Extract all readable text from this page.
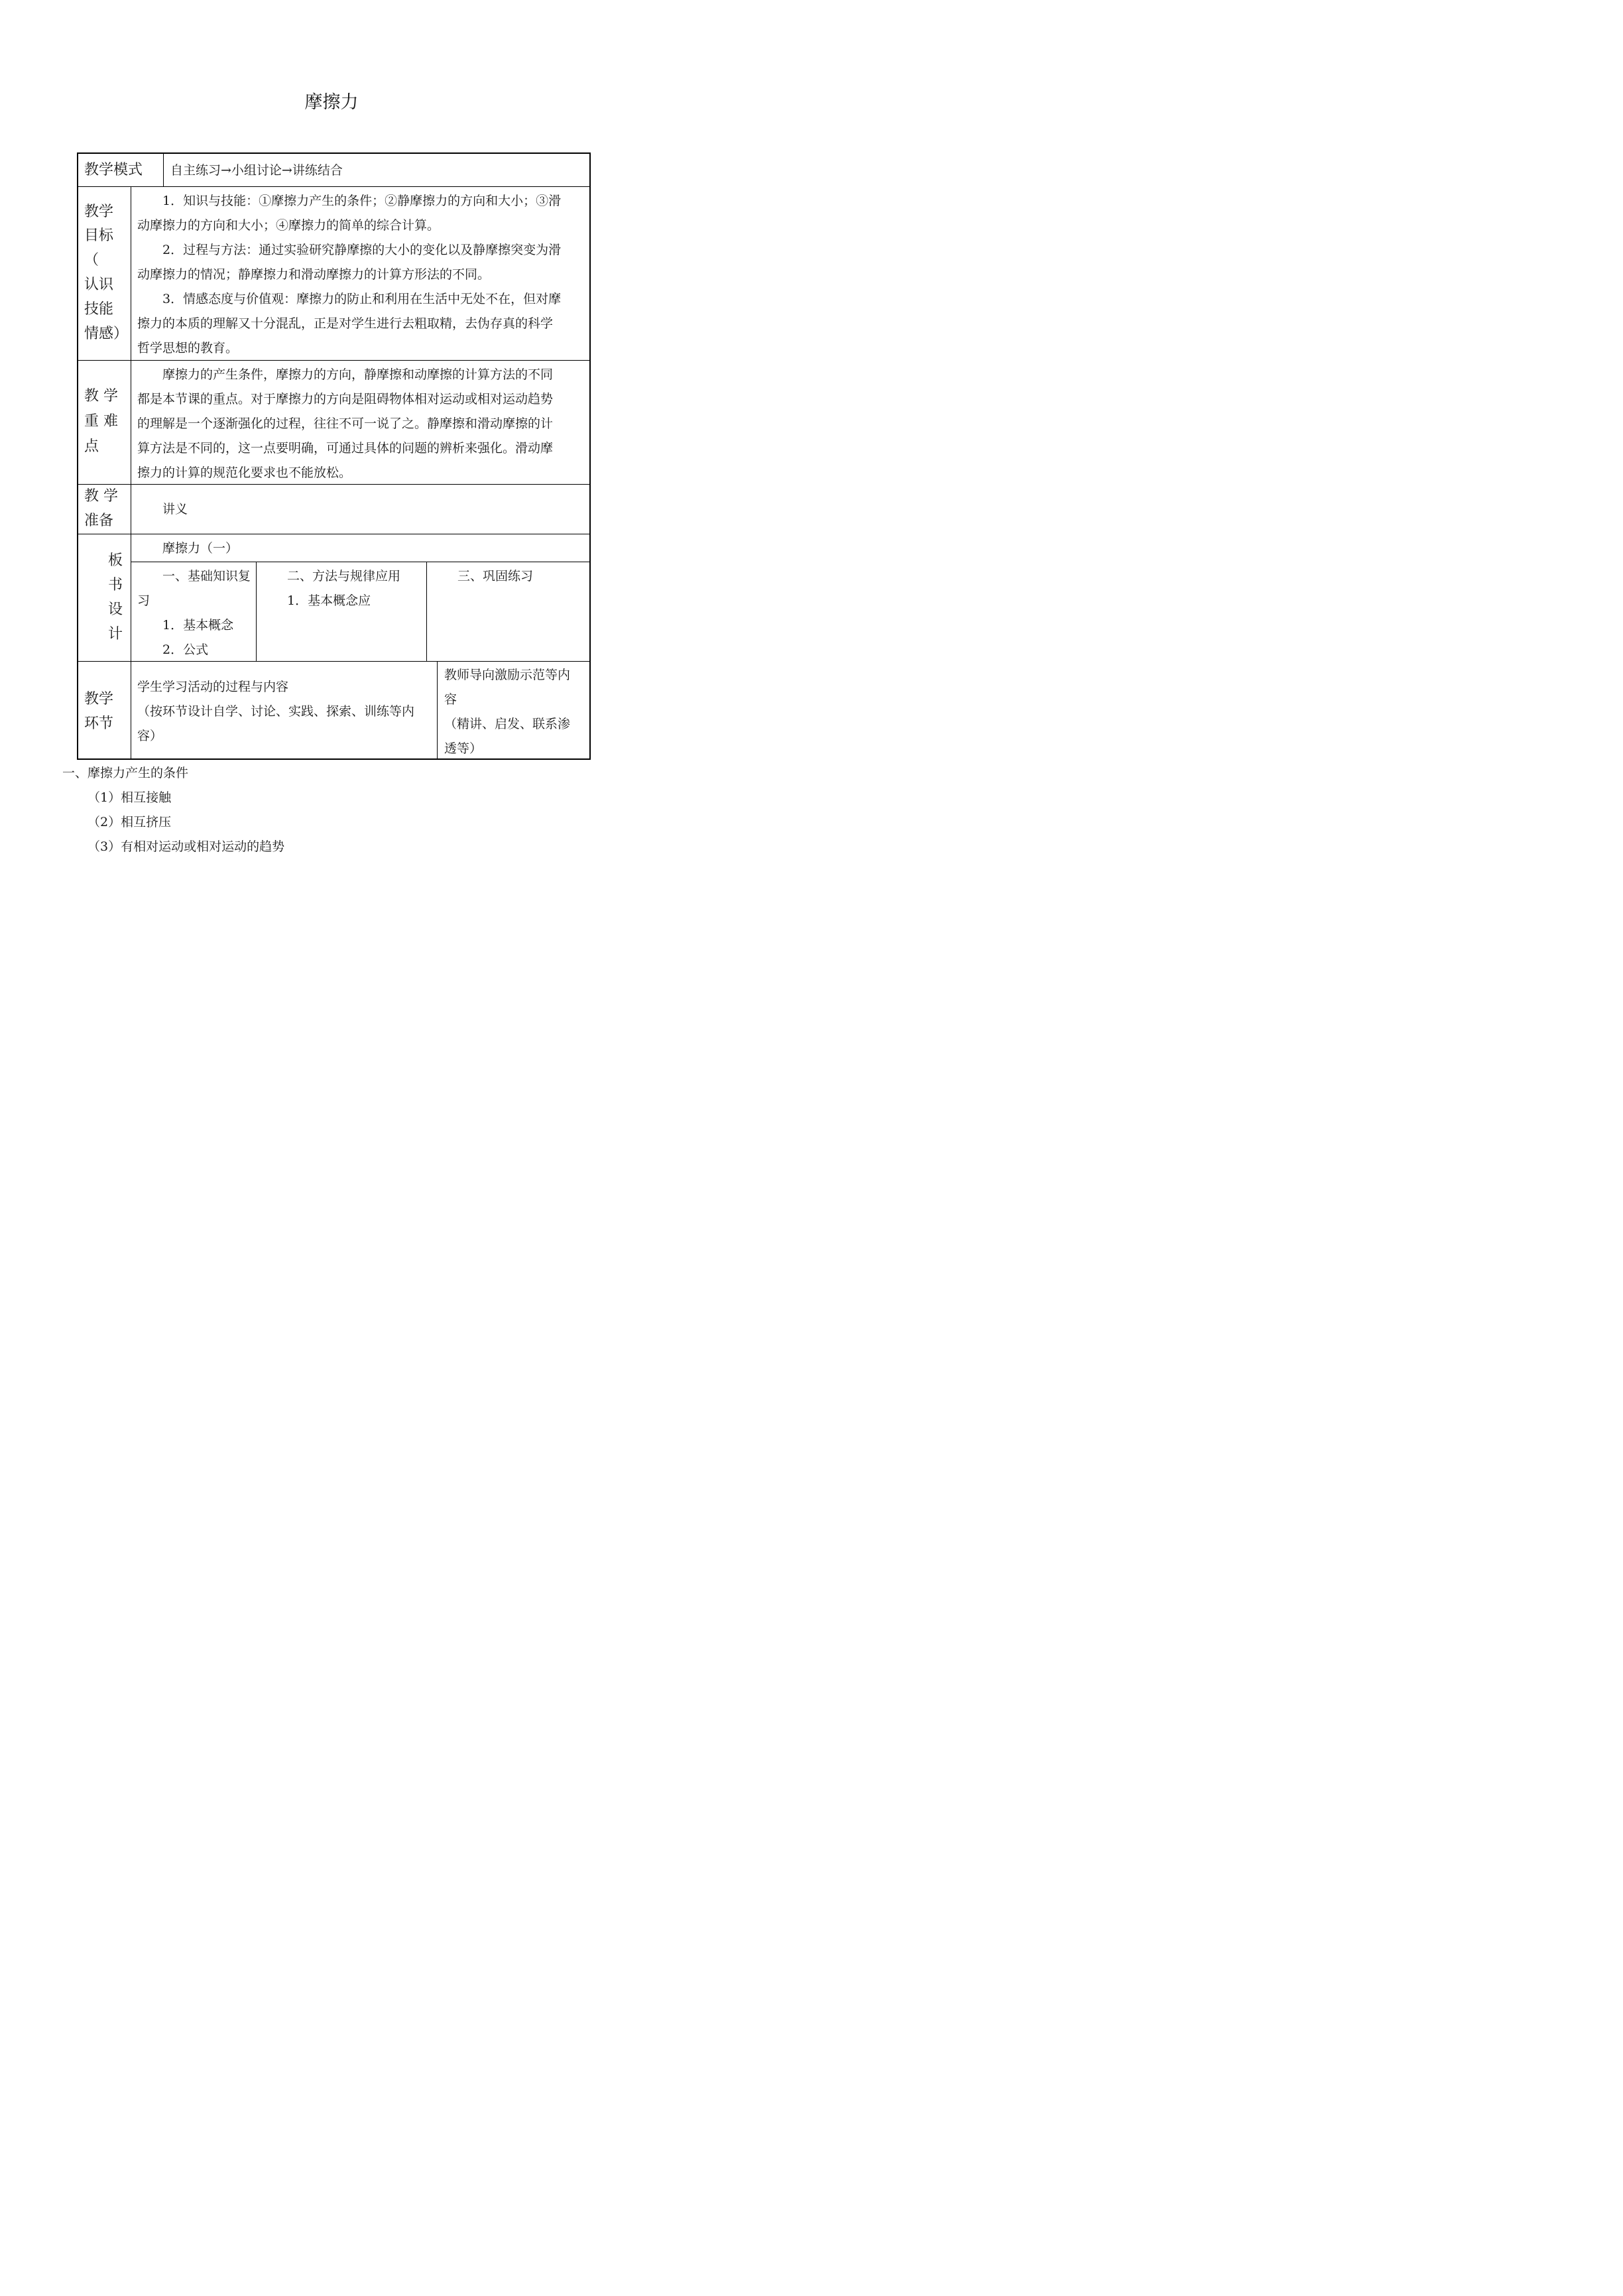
摩擦力
教学模式 自主练习→小组讨论→讲练结合
教学
目标
（
认识
技能
情感）
1．知识与技能：①摩擦力产生的条件；②静摩擦力的方向和大小；③滑
动摩擦力的方向和大小；④摩擦力的简单的综合计算。
2．过程与方法：通过实验研究静摩擦的大小的变化以及静摩擦突变为滑
动摩擦力的情况；静摩擦力和滑动摩擦力的计算方形法的不同。
3．情感态度与价值观：摩擦力的防止和利用在生活中无处不在，但对摩
擦力的本质的理解又十分混乱，正是对学生进行去粗取精，去伪存真的科学
哲学思想的教育。
教 学
重 难
点
摩擦力的产生条件，摩擦力的方向，静摩擦和动摩擦的计算方法的不同
都是本节课的重点。对于摩擦力的方向是阻碍物体相对运动或相对运动趋势
的理解是一个逐渐强化的过程，往往不可一说了之。静摩擦和滑动摩擦的计
算方法是不同的，这一点要明确，可通过具体的问题的辨析来强化。滑动摩
擦力的计算的规范化要求也不能放松。
教 学
准备
讲义
板
书
设
计
摩擦力（一）
一、基础知识复
习
1．基本概念
2．公式
二、方法与规律应用
1．基本概念应
三、巩固练习
教学
环节
学生学习活动的过程与内容
（按环节设计自学、讨论、实践、探索、训练等内
容）
教师导向激励示范等内
容
（精讲、启发、联系渗
透等）
一、摩擦力产生的条件
（1）相互接触
（2）相互挤压
（3）有相对运动或相对运动的趋势
